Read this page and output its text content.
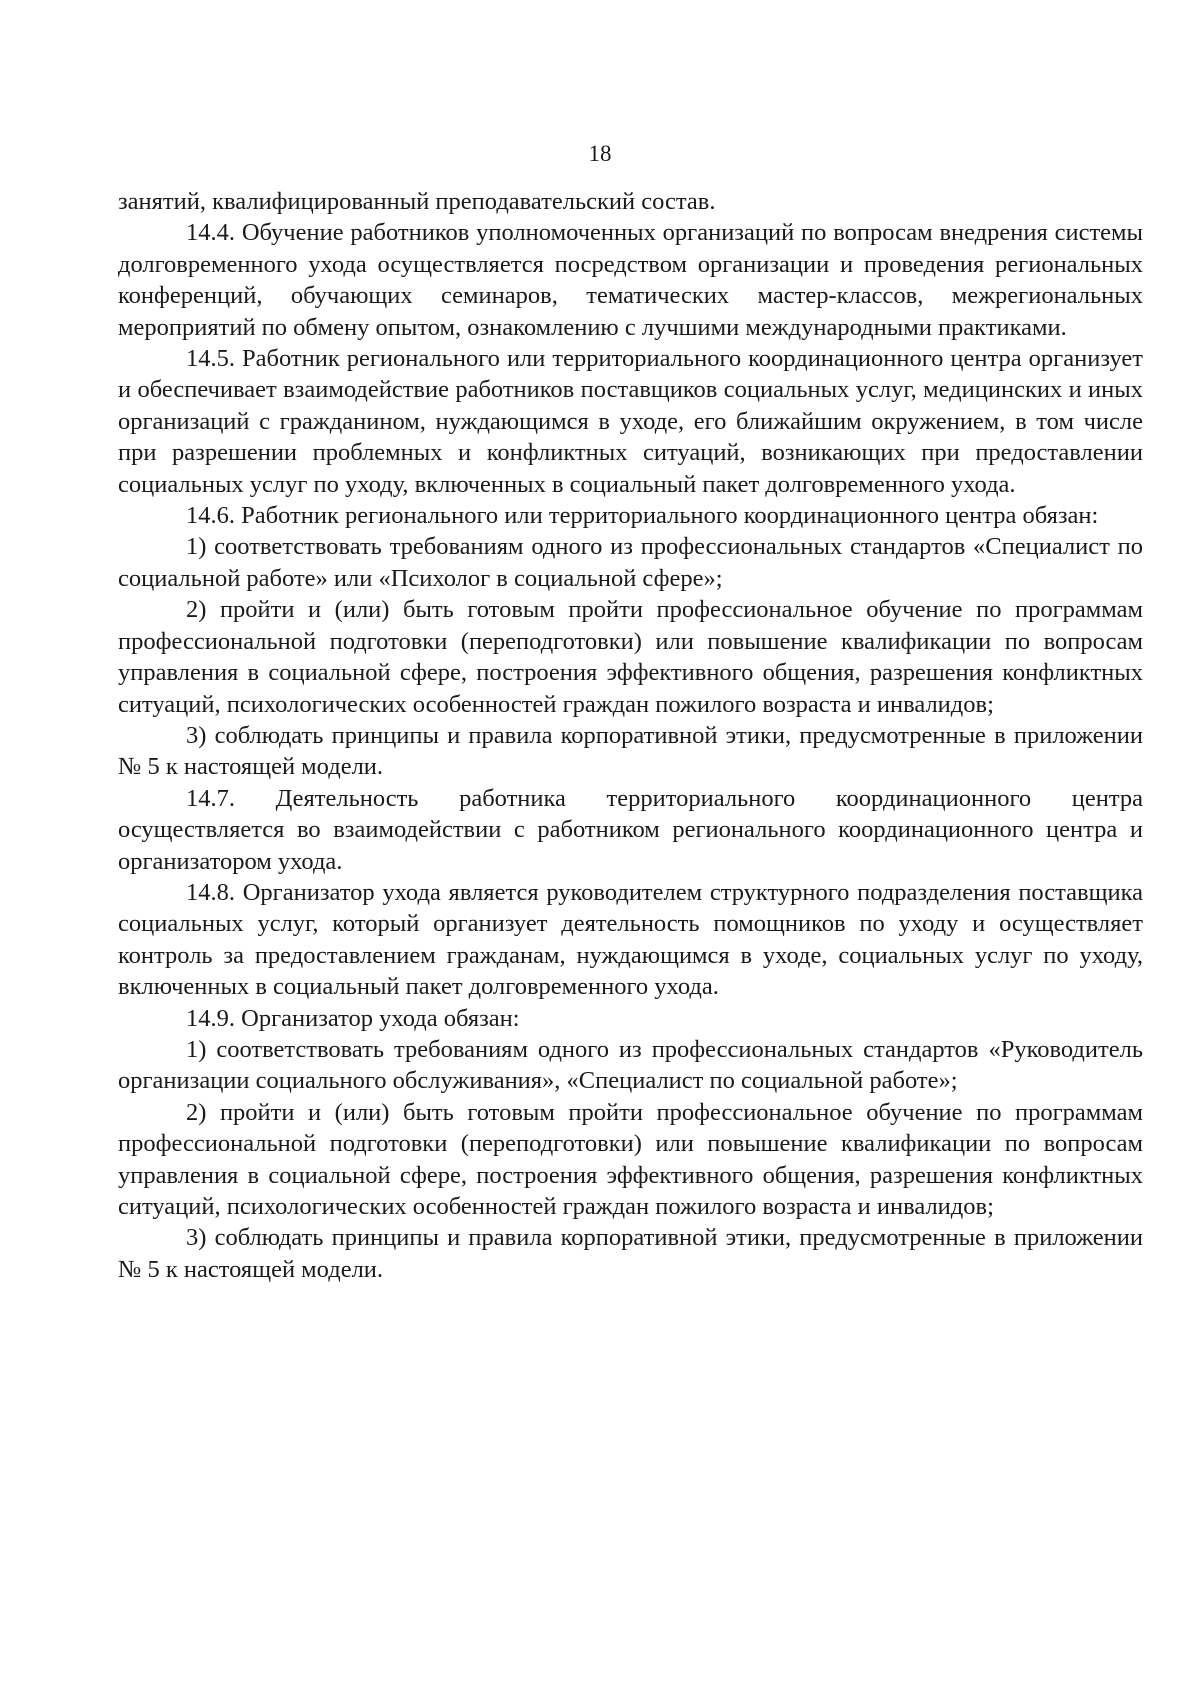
18

занятий, квалифицированный преподавательский состав.

14.4. Обучение работников уполномоченных организаций по вопросам внедрения системы долговременного ухода осуществляется посредством организации и проведения региональных конференций, обучающих семинаров, тематических мастер-классов, межрегиональных мероприятий по обмену опытом, ознакомлению с лучшими международными практиками.

14.5. Работник регионального или территориального координационного центра организует и обеспечивает взаимодействие работников поставщиков социальных услуг, медицинских и иных организаций с гражданином, нуждающимся в уходе, его ближайшим окружением, в том числе при разрешении проблемных и конфликтных ситуаций, возникающих при предоставлении социальных услуг по уходу, включенных в социальный пакет долговременного ухода.

14.6. Работник регионального или территориального координационного центра обязан:

1) соответствовать требованиям одного из профессиональных стандартов «Специалист по социальной работе» или «Психолог в социальной сфере»;

2) пройти и (или) быть готовым пройти профессиональное обучение по программам профессиональной подготовки (переподготовки) или повышение квалификации по вопросам управления в социальной сфере, построения эффективного общения, разрешения конфликтных ситуаций, психологических особенностей граждан пожилого возраста и инвалидов;

3) соблюдать принципы и правила корпоративной этики, предусмотренные в приложении № 5 к настоящей модели.

14.7. Деятельность работника территориального координационного центра осуществляется во взаимодействии с работником регионального координационного центра и организатором ухода.

14.8. Организатор ухода является руководителем структурного подразделения поставщика социальных услуг, который организует деятельность помощников по уходу и осуществляет контроль за предоставлением гражданам, нуждающимся в уходе, социальных услуг по уходу, включенных в социальный пакет долговременного ухода.

14.9. Организатор ухода обязан:

1) соответствовать требованиям одного из профессиональных стандартов «Руководитель организации социального обслуживания», «Специалист по социальной работе»;

2) пройти и (или) быть готовым пройти профессиональное обучение по программам профессиональной подготовки (переподготовки) или повышение квалификации по вопросам управления в социальной сфере, построения эффективного общения, разрешения конфликтных ситуаций, психологических особенностей граждан пожилого возраста и инвалидов;

3) соблюдать принципы и правила корпоративной этики, предусмотренные в приложении № 5 к настоящей модели.
